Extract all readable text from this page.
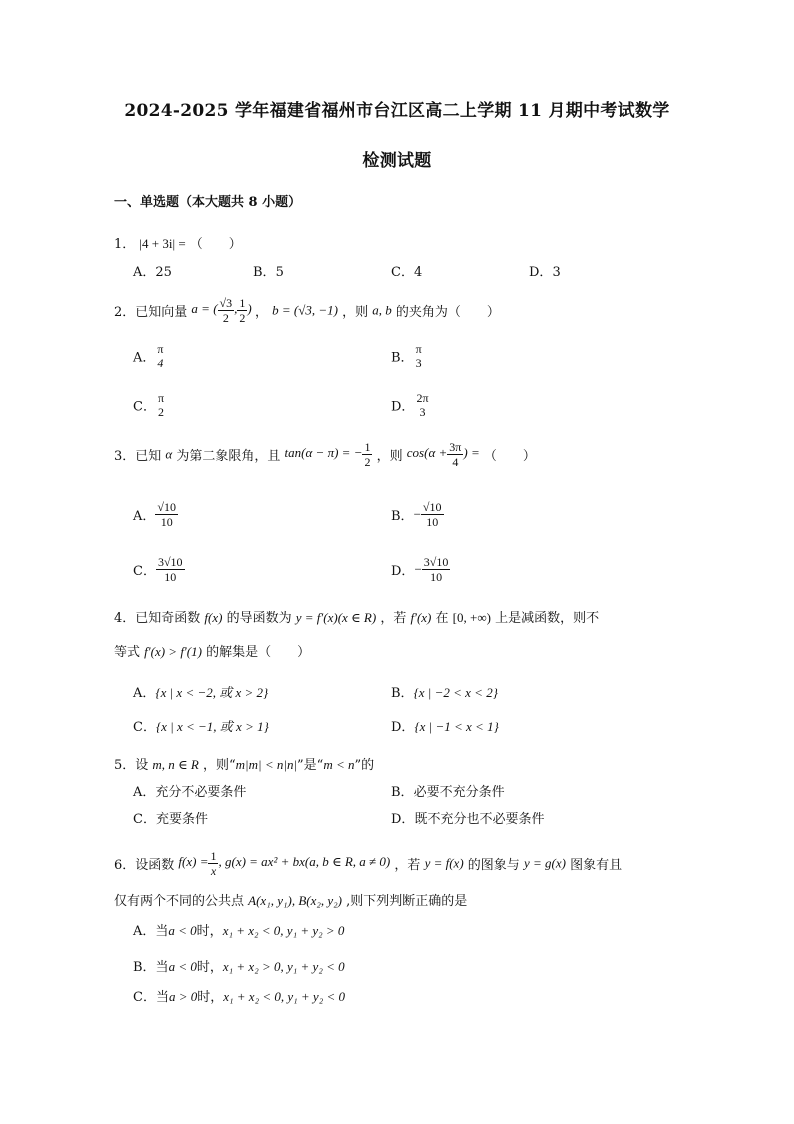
2024-2025 学年福建省福州市台江区高二上学期 11 月期中考试数学
检测试题
一、单选题（本大题共 8 小题）
1． |4 + 3i| = （　　）
A．25	B．5	C．4	D．3
2．已知向量 a = ( $\frac{√3}{2}$ , $\frac{1}{2}$ ) ， b = (√3, −1) ，则 a, b 的夹角为（　　）
A．
π
4	B．
π
3
C．
π
2	D．
2π
3
3．已知 α 为第二象限角，且 tan(α − π) = − $\frac{1}{2}$ ，则 $\cos(\alpha + \frac{3\pi}{4}$ ) = （　　）
A． $\frac{√10}{10}$	B．− $\frac{√10}{10}$
C． $\frac{3√10}{10}$	D．− $\frac{3√10}{10}$
4．已知奇函数 f(x) 的导函数为 y = f′(x)(x ∈ R) ，若 f′(x) 在 [0, +∞) 上是减函数，则不
等式 f′(x) > f′(1) 的解集是（　　）
A．{x | x < −2, 或 x > 2}	B．{x | −2 < x < 2}
C．{x | x < −1, 或 x > 1}	D．{x | −1 < x < 1}
5．设 m, n ∈ R ，则“m|m| < n|n|”是“m < n”的
A．充分不必要条件	B．必要不充分条件
C．充要条件	D．既不充分也不必要条件
6．设函数 $f(x) = \frac{1}{x}$ , g(x) = ax² + bx(a, b ∈ R, a ≠ 0) ，若 y = f(x) 的图象与 y = g(x) 图象有且
仅有两个不同的公共点 A(x₁, y₁), B(x₂, y₂) ,则下列判断正确的是
A．当a < 0时，x₁ + x₂ < 0, y₁ + y₂ > 0
B．当a < 0时，x₁ + x₂ > 0, y₁ + y₂ < 0
C．当a > 0时，x₁ + x₂ < 0, y₁ + y₂ < 0
